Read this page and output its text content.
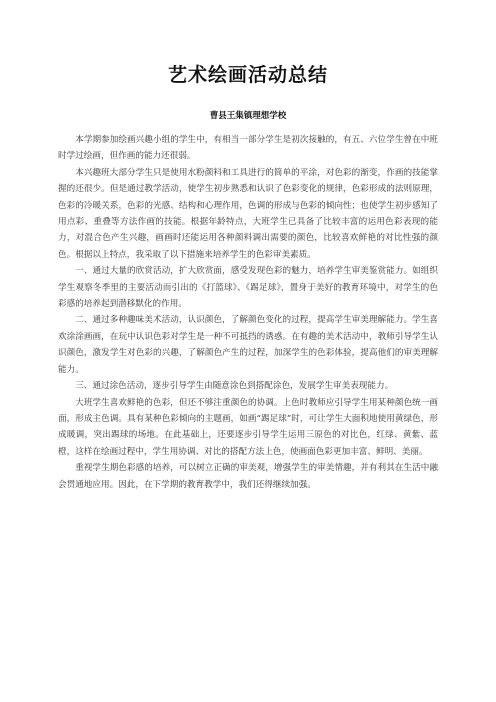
艺术绘画活动总结
曹县王集镇理想学校

本学期参加绘画兴趣小组的学生中，有相当一部分学生是初次接触的，有五、六位学生曾在中班时学过绘画，但作画的能力还很弱。

本兴趣班大部分学生只是使用水粉颜料和工具进行的简单的平涂，对色彩的渐变，作画的技能掌握的还很少。但是通过教学活动，使学生初步熟悉和认识了色彩变化的规律，色彩形成的法则原理，色彩的冷暖关系，色彩的光感、结构和心理作用，色调的形成与色彩的倾向性；也使学生初步感知了用点彩、重叠等方法作画的技能。根据年龄特点，大班学生已具备了比较丰富的运用色彩表现的能力，对混合色产生兴趣，画画时还能运用各种颜料调出需要的颜色，比较喜欢鲜艳的对比性强的颜色。根据以上特点，我采取了以下措施来培养学生的色彩审美素质。

一、通过大量的欣赏活动，扩大欣赏面，感受发现色彩的魅力，培养学生审美鉴赏能力。如组织学生观察冬季里的主要活动而引出的《打篮球》、《踢足球》，置身于美好的教育环境中，对学生的色彩感的培养起到潜移默化的作用。

二、通过多种趣味美术活动，认识颜色，了解颜色变化的过程，提高学生审美理解能力。学生喜欢涂涂画画，在玩中认识色彩对学生是一种不可抵挡的诱惑。在有趣的美术活动中，教师引导学生认识颜色，激发学生对色彩的兴趣，了解颜色产生的过程，加深学生的色彩体验，提高他们的审美理解能力。

三、通过涂色活动，逐步引导学生由随意涂色到搭配涂色，发展学生审美表现能力。

大班学生喜欢鲜艳的色彩，但还不够注重颜色的协调。上色时教师应引导学生用某种颜色统一画面，形成主色调。具有某种色彩倾向的主题画，如画“踢足球”时，可让学生大面积地使用黄绿色，形成暖调，突出踢球的场地。在此基础上，还要逐步引导学生运用三原色的对比色，红绿、黄紫、蓝橙，这样在绘画过程中，学生用协调、对比的搭配方法上色，使画面色彩更加丰富、鲜明、美丽。

重视学生期色彩感的培养，可以树立正确的审美观，增强学生的审美情趣，并有利其在生活中融会贯通地应用。因此，在下学期的教育教学中，我们还得继续加强。
